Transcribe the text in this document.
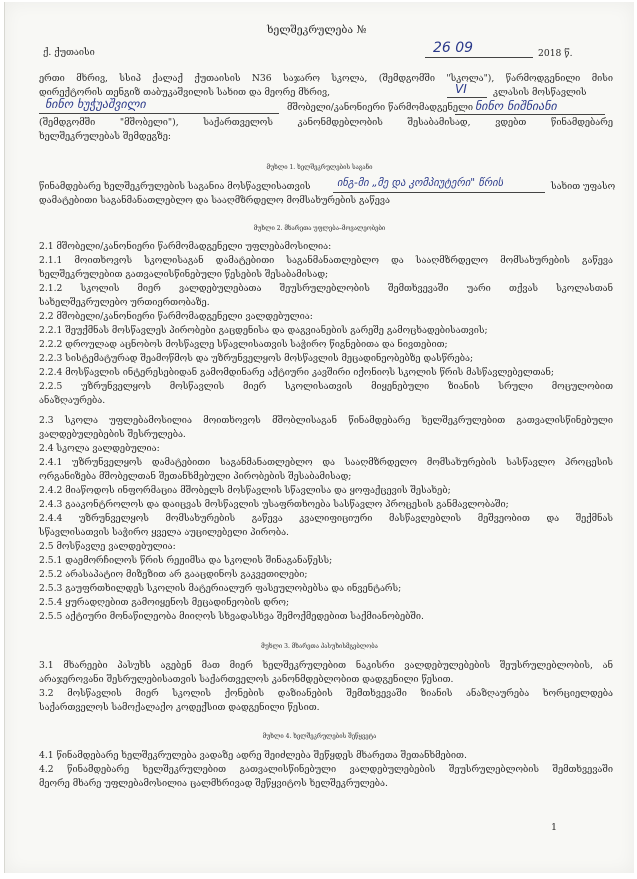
ხელშეკრულება №
ქ. ქუთაისი	26 09	2018 წ.
ერთი მხრივ, სსიპ ქალაქ ქუთაისის N36 საჯარო სკოლა, (შემდგომში "სკოლა"), წარმოდგენილი მისი
დირექტორის თენგიზ თაბუკაშვილის სახით და მეორე მხრივ,	VI	კლასის მოსწავლის
ნინო ხუჭუაშვილი	მშობელი/კანონიერი წარმომადგენელი ნინო ნიშნიანი
(შემდგომში "მშობელი"), საქართველოს კანონმდებლობის შესაბამისად, ვდებთ წინამდებარე
ხელშეკრულებას შემდეგზე:
მუხლი 1. ხელშეკრულების საგანი
წინამდებარე ხელშეკრულების საგანია მოსწავლისათვის	ინგ-მი „მე და კომპიუტერი" წრის	სახით უფასო
დამატებითი საგანმანათლებლო და სააღმზრდელო მომსახურების გაწევა
მუხლი 2. მხარეთა უფლება–მოვალეობები
2.1 მშობელი/კანონიერი წარმომადგენელი უფლებამოსილია:
2.1.1 მოითხოვოს სკოლისაგან დამატებითი საგანმანათლებლო და სააღმზრდელო მომსახურების გაწევა
ხელშეკრულებით გათვალისწინებული წესების შესაბამისად;
2.1.2 სკოლის მიერ ვალდებულებათა შეუსრულებლობის შემთხვევაში უარი თქვას სკოლასთან
სახელშეკრულებო ურთიერთობაზე.
2.2 მშობელი/კანონიერი წარმომადგენელი ვალდებულია:
2.2.1 შეუქმნას მოსწავლეს პირობები გაცდენისა და დაგვიანების გარეშე გამოცხადებისათვის;
2.2.2 დროულად აცნობოს მოსწავლე სწავლისათვის საჭირო წიგნებითა და ნივთებით;
2.2.3 სისტემატურად შეამოწმოს და უზრუნველყოს მოსწავლის მეცადინეობებზე დასწრება;
2.2.4 მოსწავლის ინტერესებიდან გამომდინარე აქტიური კავშირი იქონიოს სკოლის წრის მასწავლებელთან;
2.2.5 უზრუნველყოს მოსწავლის მიერ სკოლისათვის მიყენებული ზიანის სრული მოცულობით
ანაზღაურება.
2.3 სკოლა უფლებამოსილია მოითხოვოს მშობლისაგან წინამდებარე ხელშეკრულებით გათვალისწინებული
ვალდებულებების შესრულება.
2.4 სკოლა ვალდებულია:
2.4.1 უზრუნველყოს დამატებითი საგანმანათლებლო და სააღმზრდელო მომსახურების სასწავლო პროცესის
ორგანიზება მშობელთან შეთანხმებული პირობების შესაბამისად;
2.4.2 მიაწოდოს ინფორმაცია მშობელს მოსწავლის სწავლისა და ყოფაქცევის შესახებ;
2.4.3 გააკონტროლოს და დაიცვას მოსწავლის უსაფრთხოება სასწავლო პროცესის განმავლობაში;
2.4.4 უზრუნველყოს მომსახურების გაწევა კვალიფიციური მასწავლებლის მეშვეობით და შექმნას
სწავლისათვის საჭირო ყველა აუცილებელი პირობა.
2.5 მოსწავლე ვალდებულია:
2.5.1 დაემორჩილოს წრის რეჟიმსა და სკოლის შინაგანაწესს;
2.5.2 არასაპატიო მიზეზით არ გააცდინოს გაკვეთილები;
2.5.3 გაუფრთხილდეს სკოლის მატერიალურ ფასეულობებსა და ინვენტარს;
2.5.4 ყურადღებით გამოიყენოს მეცადინეობის დრო;
2.5.5 აქტიური მონაწილეობა მიიღოს სხვადასხვა შემოქმედებით საქმიანობებში.
მუხლი 3. მხარეთა პასუხისმგებლობა
3.1 მხარეები პასუხს აგებენ მათ მიერ ხელშეკრულებით ნაკისრი ვალდებულებების შეუსრულებლობის, ან
არაჯეროვანი შესრულებისათვის საქართველოს კანონმდებლობით დადგენილი წესით.
3.2 მოსწავლის მიერ სკოლის ქონების დაზიანების შემთხვევაში ზიანის ანაზღაურება ხორციელდება
საქართველოს სამოქალაქო კოდექსით დადგენილი წესით.
მუხლი 4. ხელშეკრულების შეწყვეტა
4.1 წინამდებარე ხელშეკრულება ვადაზე ადრე შეიძლება შეწყდეს მხარეთა შეთანხმებით.
4.2 წინამდებარე ხელშეკრულებით გათვალისწინებული ვალდებულებების შეუსრულებლობის შემთხვევაში
მეორე მხარე უფლებამოსილია ცალმხრივად შეწყვიტოს ხელშეკრულება.
1
